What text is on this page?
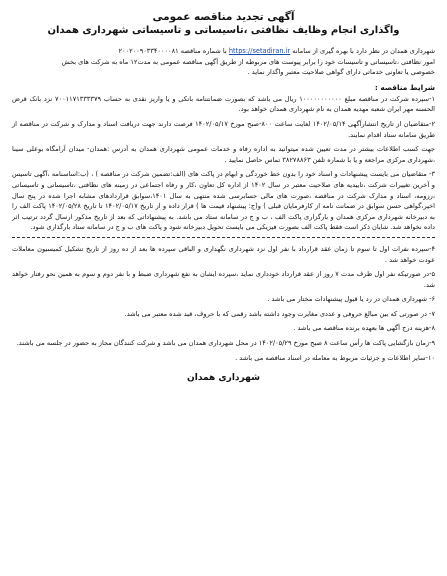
آگهی تجدید مناقصه عمومی
واگذاری انجام وظایف نظافتی ،تاسیساتی و تاسیساتی شهرداری همدان

شهرداری همدان در نظر دارد با بهره گیری از سامانه https://setadiran.ir با شماره مناقصه ۲۰۰۲۰۰۹۰۳۳۴۰۰۰۰۸۱

امور نظافتی ،تاسیساتی و تاسیسات خود را برابر پیوست های مربوطه از طریق آگهی مناقصه عمومی به مدت۱۲ ماه به شرکت های بخش

خصوصی یا تعاونی خدماتی دارای گواهی صلاحیت معتبر واگذار نماید .

شرایط مناقصه :

۱-سپرده شرکت در مناقصه مبلغ ۱۰۰۰۰۰۰۰۰۰۰۰ ریال می باشد که بصورت ضمانتنامه بانکی و یا واریز نقدی به حساب ۷۰۰۱۱۷۱۳۳۳۳۷۹ نزد بانک قرض الحسنه مهر ایران شعبه مهدیه همدان به نام شهرداری همدان خواهد بود.

۲-متقاضیان از تاریخ انتشارآگهی ۱۴۰۲/۰۵/۱۴ لغایت ساعت ۸۰۰-صبح مورخ ۱۴۰۲/۰۵/۱۷ فرصت دارند جهت دریافت اسناد و مدارک و شرکت در مناقصه از طریق سامانه ستاد اقدام نمایند.

جهت کسب اطلاعات بیشتر در مدت تعیین شده میتوانید به اداره رفاه و خدمات عمومی شهرداری همدان به آدرس :همدان- میدان آرامگاه بوعلی سینا ،شهرداری مرکزی مراجعه و یا با شماره تلفن ۳۸۲۷۸۸۶۳ تماس حاصل نمایید .

۳- متقاضیان می بایست پیشنهادات و اسناد خود را بدون خط خوردگی و ابهام در پاکت های (الف:تضمین شرکت در مناقصه ) ، (ب:اساسنامه ،آگهی تاسیس و آخرین تغییرات شرکت ،تاییدیه های صلاحیت معتبر در سال ۱۴۰۲ از اداره کل تعاون ،کار و رفاه اجتماعی در زمینه های نظافتی ،تاسیساتی و تاسیساتی ،رزومه، اسناد و مدارک شرکت در مناقصه ،صورت های مالی حسابرسی شده منتهی به سال ۱۴۰۱،سوابق قراردادهای مشابه اجرا شده در پنج سال اخیر،گواهی حسن سوابق در ضمانت نامه از کارفرمایان قبلی ) و(ج: پیشنهاد قیمت ها ) قرار داده و از تاریخ ۱۴۰۲/۰۵/۱۷ تا تاریخ ۱۴۰۲/۰۵/۲۸ پاکت الف را به دبیرخانه شهرداری مرکزی همدان و بارگزاری پاکت الف ، ب و ج در سامانه ستاد می باشد. به پیشنهاداتی که بعد از تاریخ مذکور ارسال گردد ترتیب اثر داده نخواهد شد. شایان ذکر است فقط پاکت الف بصورت فیزیکی می بایست تحویل دبیرخانه شود و پاکت های ب و ج در سامانه ستاد بارگذاری شود.

۴-سپرده نفرات اول تا سوم تا زمان عقد قرارداد با نفر اول نزد شهرداری نگهداری و الباقی سپرده ها بعد از ده روز از تاریخ تشکیل کمیسیون معاملات عودت خواهد شد .

۵-در صورتیکه نفر اول ظرف مدت ۷ روز از عقد قرارداد خودداری نماید ،سپرده ایشان به نفع شهرداری ضبط و با نفر دوم و سوم به همین نحو رفتار خواهد شد.

۶- شهرداری همدان در رد یا قبول پیشنهادات مختار می باشد .

۷- در صورتی که بین مبالغ حروفی و عددی مغایرت وجود داشته باشد رقمی که با حروف، قید شده معتبر می باشد.

۸-هزینه درج آگهی ها بعهده برنده مناقصه می باشد .

۹-زمان بازگشایی پاکت ها رأس ساعت ۸ صبح مورخ ۱۴۰۲/۰۵/۲۹ در محل شهرداری همدان می باشد و شرکت کنندگان مجاز به حضور در جلسه می باشند.

۱۰-سایر اطلاعات و جزئیات مربوط به معامله در اسناد مناقصه می باشد .

شهرداری همدان
